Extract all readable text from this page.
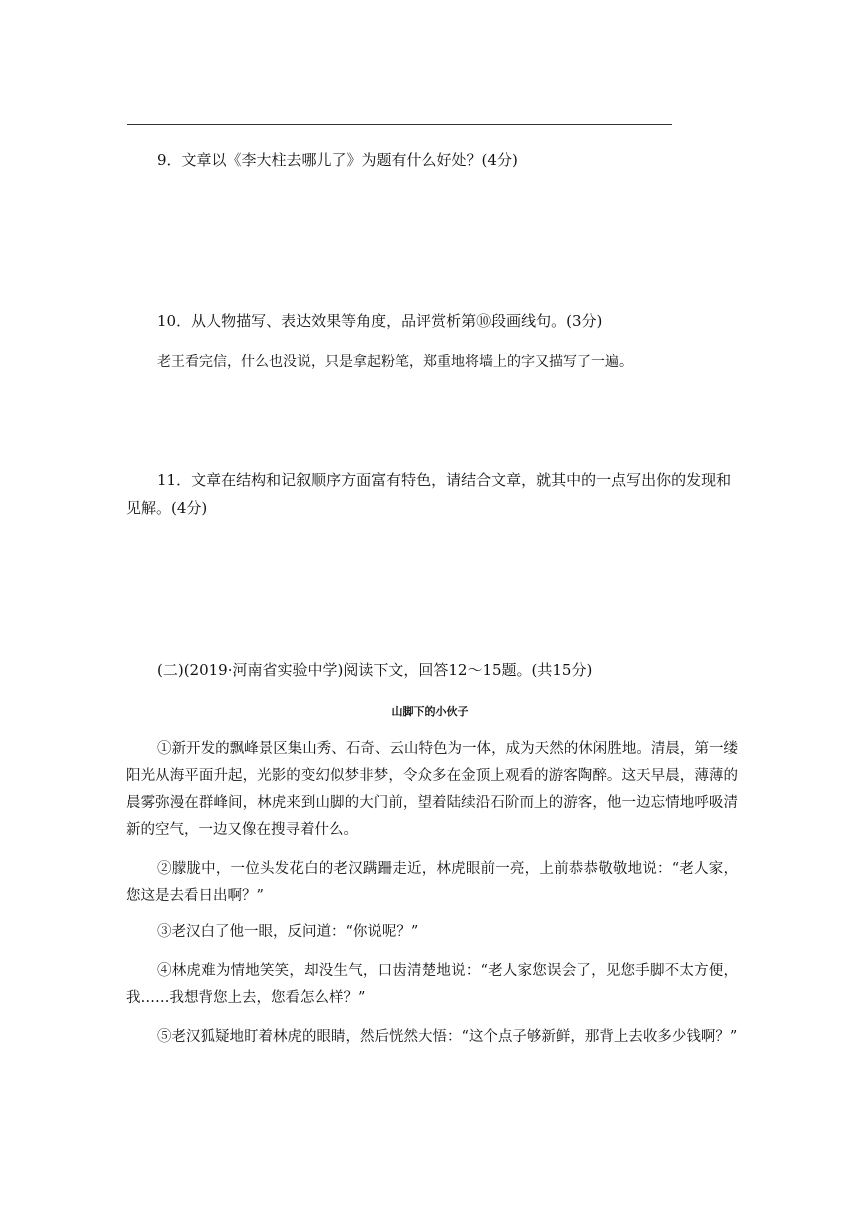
9．文章以《李大柱去哪儿了》为题有什么好处？(4分)
10．从人物描写、表达效果等角度，品评赏析第⑩段画线句。(3分)
老王看完信，什么也没说，只是拿起粉笔，郑重地将墙上的字又描写了一遍。
11．文章在结构和记叙顺序方面富有特色，请结合文章，就其中的一点写出你的发现和见解。(4分)
(二)(2019·河南省实验中学)阅读下文，回答12～15题。(共15分)
山脚下的小伙子
①新开发的飘峰景区集山秀、石奇、云山特色为一体，成为天然的休闲胜地。清晨，第一缕阳光从海平面升起，光影的变幻似梦非梦，令众多在金顶上观看的游客陶醉。这天早晨，薄薄的晨雾弥漫在群峰间，林虎来到山脚的大门前，望着陆续沿石阶而上的游客，他一边忘情地呼吸清新的空气，一边又像在搜寻着什么。
②朦胧中，一位头发花白的老汉蹒跚走近，林虎眼前一亮，上前恭恭敬敬地说：“老人家，您这是去看日出啊？”
③老汉白了他一眼，反问道：“你说呢？”
④林虎难为情地笑笑，却没生气，口齿清楚地说：“老人家您误会了，见您手脚不太方便，我……我想背您上去，您看怎么样？”
⑤老汉狐疑地盯着林虎的眼睛，然后恍然大悟：“这个点子够新鲜，那背上去收多少钱啊？”
